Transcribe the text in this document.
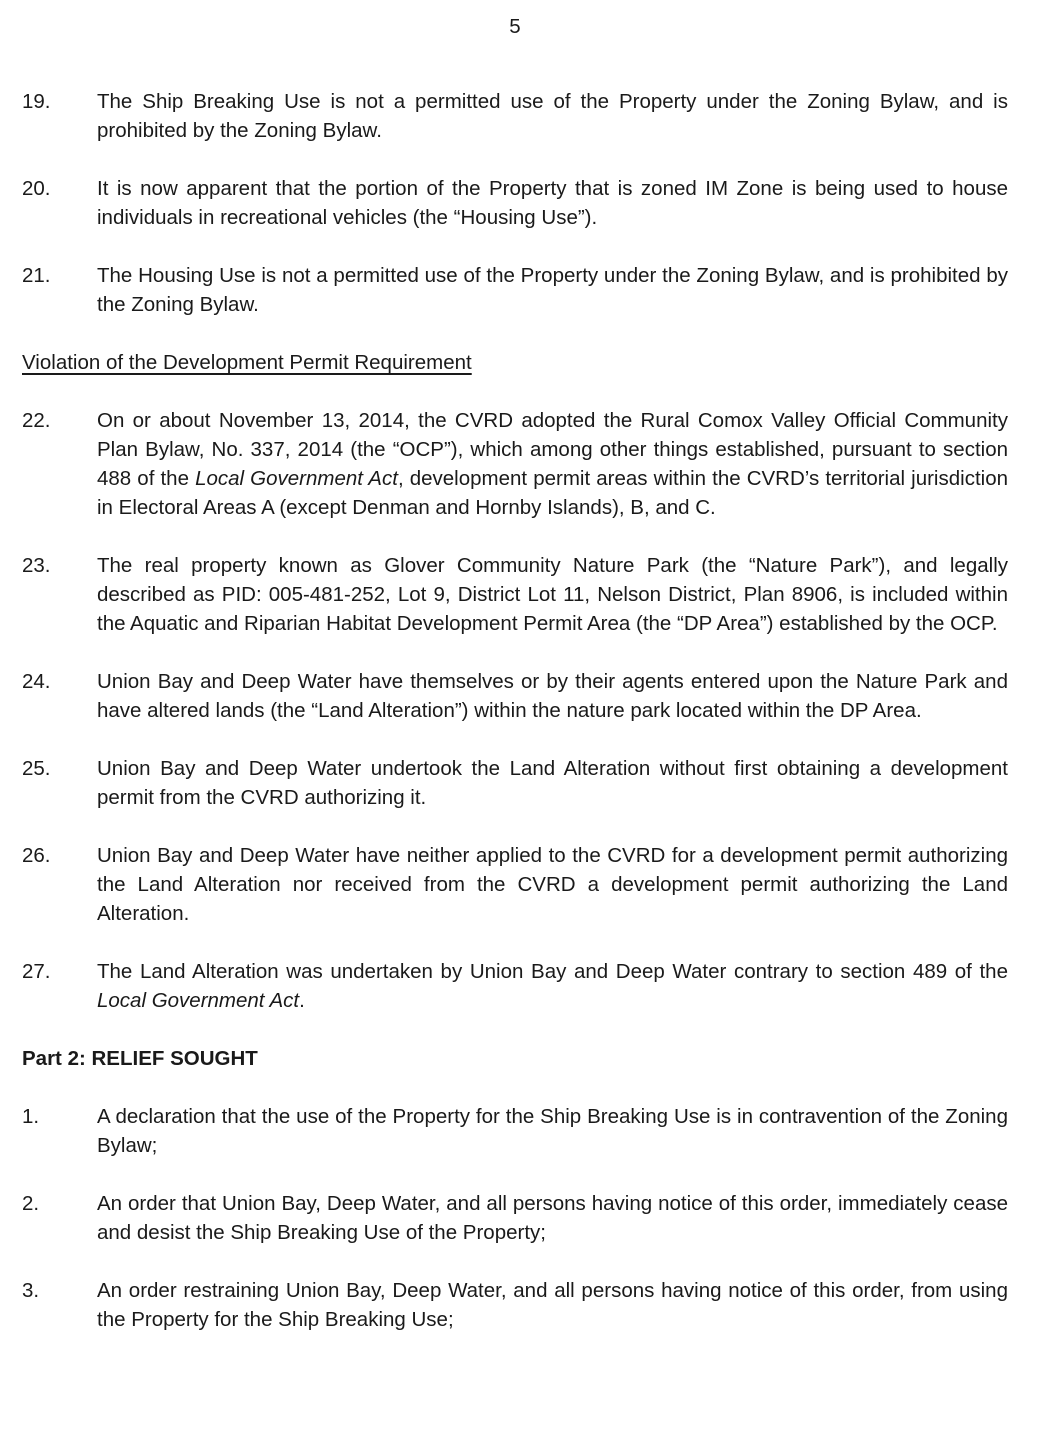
5
19.	The Ship Breaking Use is not a permitted use of the Property under the Zoning Bylaw, and is prohibited by the Zoning Bylaw.
20.	It is now apparent that the portion of the Property that is zoned IM Zone is being used to house individuals in recreational vehicles (the “Housing Use”).
21.	The Housing Use is not a permitted use of the Property under the Zoning Bylaw, and is prohibited by the Zoning Bylaw.
Violation of the Development Permit Requirement
22.	On or about November 13, 2014, the CVRD adopted the Rural Comox Valley Official Community Plan Bylaw, No. 337, 2014 (the “OCP”), which among other things established, pursuant to section 488 of the Local Government Act, development permit areas within the CVRD’s territorial jurisdiction in Electoral Areas A (except Denman and Hornby Islands), B, and C.
23.	The real property known as Glover Community Nature Park (the “Nature Park”), and legally described as PID: 005-481-252, Lot 9, District Lot 11, Nelson District, Plan 8906, is included within the Aquatic and Riparian Habitat Development Permit Area (the “DP Area”) established by the OCP.
24.	Union Bay and Deep Water have themselves or by their agents entered upon the Nature Park and have altered lands (the “Land Alteration”) within the nature park located within the DP Area.
25.	Union Bay and Deep Water undertook the Land Alteration without first obtaining a development permit from the CVRD authorizing it.
26.	Union Bay and Deep Water have neither applied to the CVRD for a development permit authorizing the Land Alteration nor received from the CVRD a development permit authorizing the Land Alteration.
27.	The Land Alteration was undertaken by Union Bay and Deep Water contrary to section 489 of the Local Government Act.
Part 2: RELIEF SOUGHT
1.	A declaration that the use of the Property for the Ship Breaking Use is in contravention of the Zoning Bylaw;
2.	An order that Union Bay, Deep Water, and all persons having notice of this order, immediately cease and desist the Ship Breaking Use of the Property;
3.	An order restraining Union Bay, Deep Water, and all persons having notice of this order, from using the Property for the Ship Breaking Use;
